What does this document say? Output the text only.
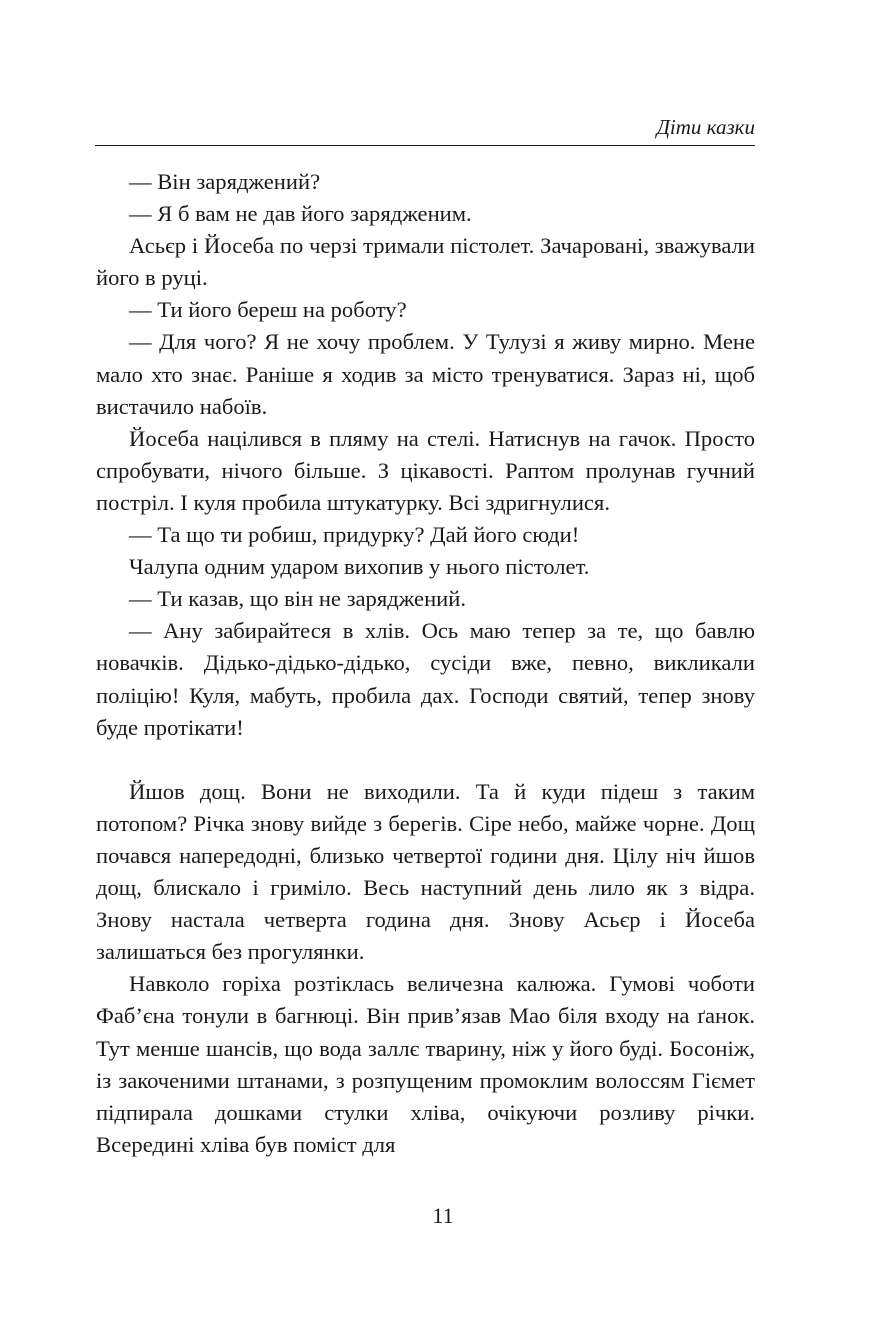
Діти казки

— Він заряджений?

— Я б вам не дав його зарядженим.

Асьєр і Йосеба по черзі тримали пістолет. Зачаровані, зважували його в руці.

— Ти його береш на роботу?

— Для чого? Я не хочу проблем. У Тулузі я живу мирно. Мене мало хто знає. Раніше я ходив за місто тренуватися. Зараз ні, щоб вистачило набоїв.

Йосеба націлився в пляму на стелі. Натиснув на гачок. Просто спробувати, нічого більше. З цікавості. Раптом пролунав гучний постріл. І куля пробила штукатурку. Всі здригнулися.

— Та що ти робиш, придурку? Дай його сюди!

Чалупа одним ударом вихопив у нього пістолет.

— Ти казав, що він не заряджений.

— Ану забирайтеся в хлів. Ось маю тепер за те, що бавлю новачків. Дідько-дідько-дідько, сусіди вже, певно, викликали поліцію! Куля, мабуть, пробила дах. Господи святий, тепер знову буде протікати!

Йшов дощ. Вони не виходили. Та й куди підеш з таким потопом? Річка знову вийде з берегів. Сіре небо, майже чорне. Дощ почався напередодні, близько четвертої години дня. Цілу ніч йшов дощ, блискало і гриміло. Весь наступний день лило як з відра. Знову настала четверта година дня. Знову Асьєр і Йосеба залишаться без прогулянки.

Навколо горіха розтіклась величезна калюжа. Гумові чоботи Фаб’єна тонули в багнюці. Він прив’язав Мао біля входу на ґанок. Тут менше шансів, що вода заллє тварину, ніж у його буді. Босоніж, із закоченими штанами, з розпущеним промоклим волоссям Гіємет підпирала дошками стулки хліва, очікуючи розливу річки. Всередині хліва був поміст для

11
